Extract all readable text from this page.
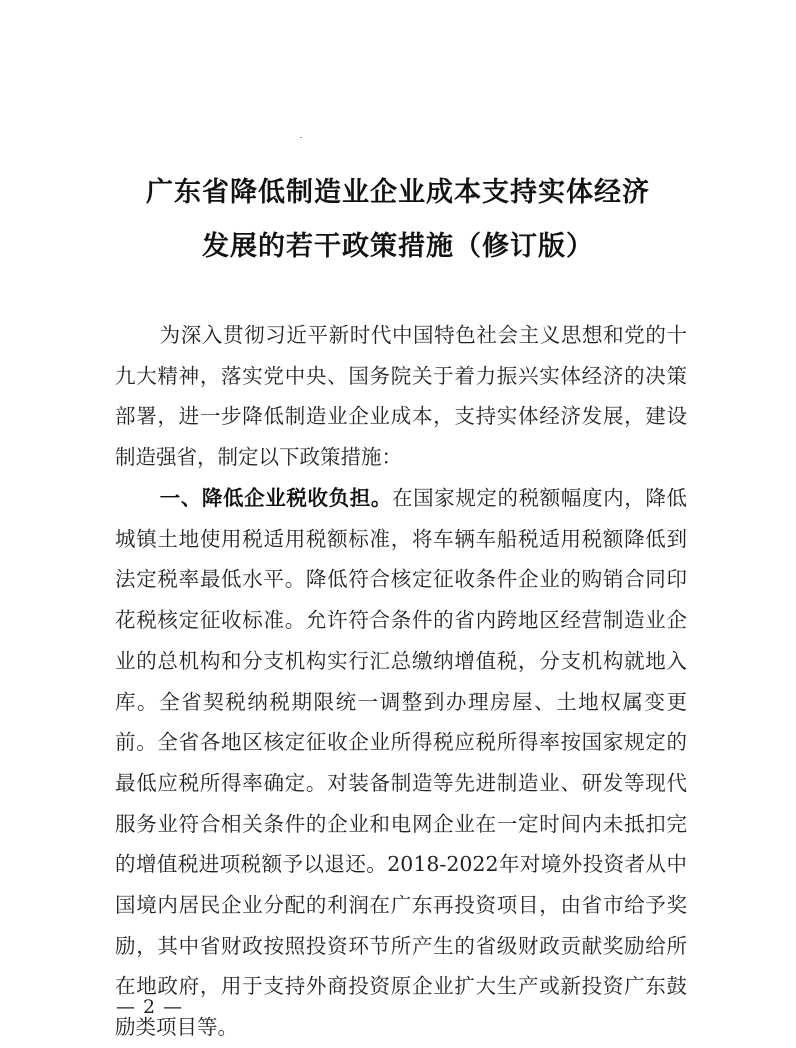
广东省降低制造业企业成本支持实体经济
发展的若干政策措施（修订版）
为深入贯彻习近平新时代中国特色社会主义思想和党的十九大精神，落实党中央、国务院关于着力振兴实体经济的决策部署，进一步降低制造业企业成本，支持实体经济发展，建设制造强省，制定以下政策措施：
一、降低企业税收负担。在国家规定的税额幅度内，降低城镇土地使用税适用税额标准，将车辆车船税适用税额降低到法定税率最低水平。降低符合核定征收条件企业的购销合同印花税核定征收标准。允许符合条件的省内跨地区经营制造业企业的总机构和分支机构实行汇总缴纳增值税，分支机构就地入库。全省契税纳税期限统一调整到办理房屋、土地权属变更前。全省各地区核定征收企业所得税应税所得率按国家规定的最低应税所得率确定。对装备制造等先进制造业、研发等现代服务业符合相关条件的企业和电网企业在一定时间内未抵扣完的增值税进项税额予以退还。2018-2022年对境外投资者从中国境内居民企业分配的利润在广东再投资项目，由省市给予奖励，其中省财政按照投资环节所产生的省级财政贡献奖励给所在地政府，用于支持外商投资原企业扩大生产或新投资广东鼓励类项目等。
— 2 —
